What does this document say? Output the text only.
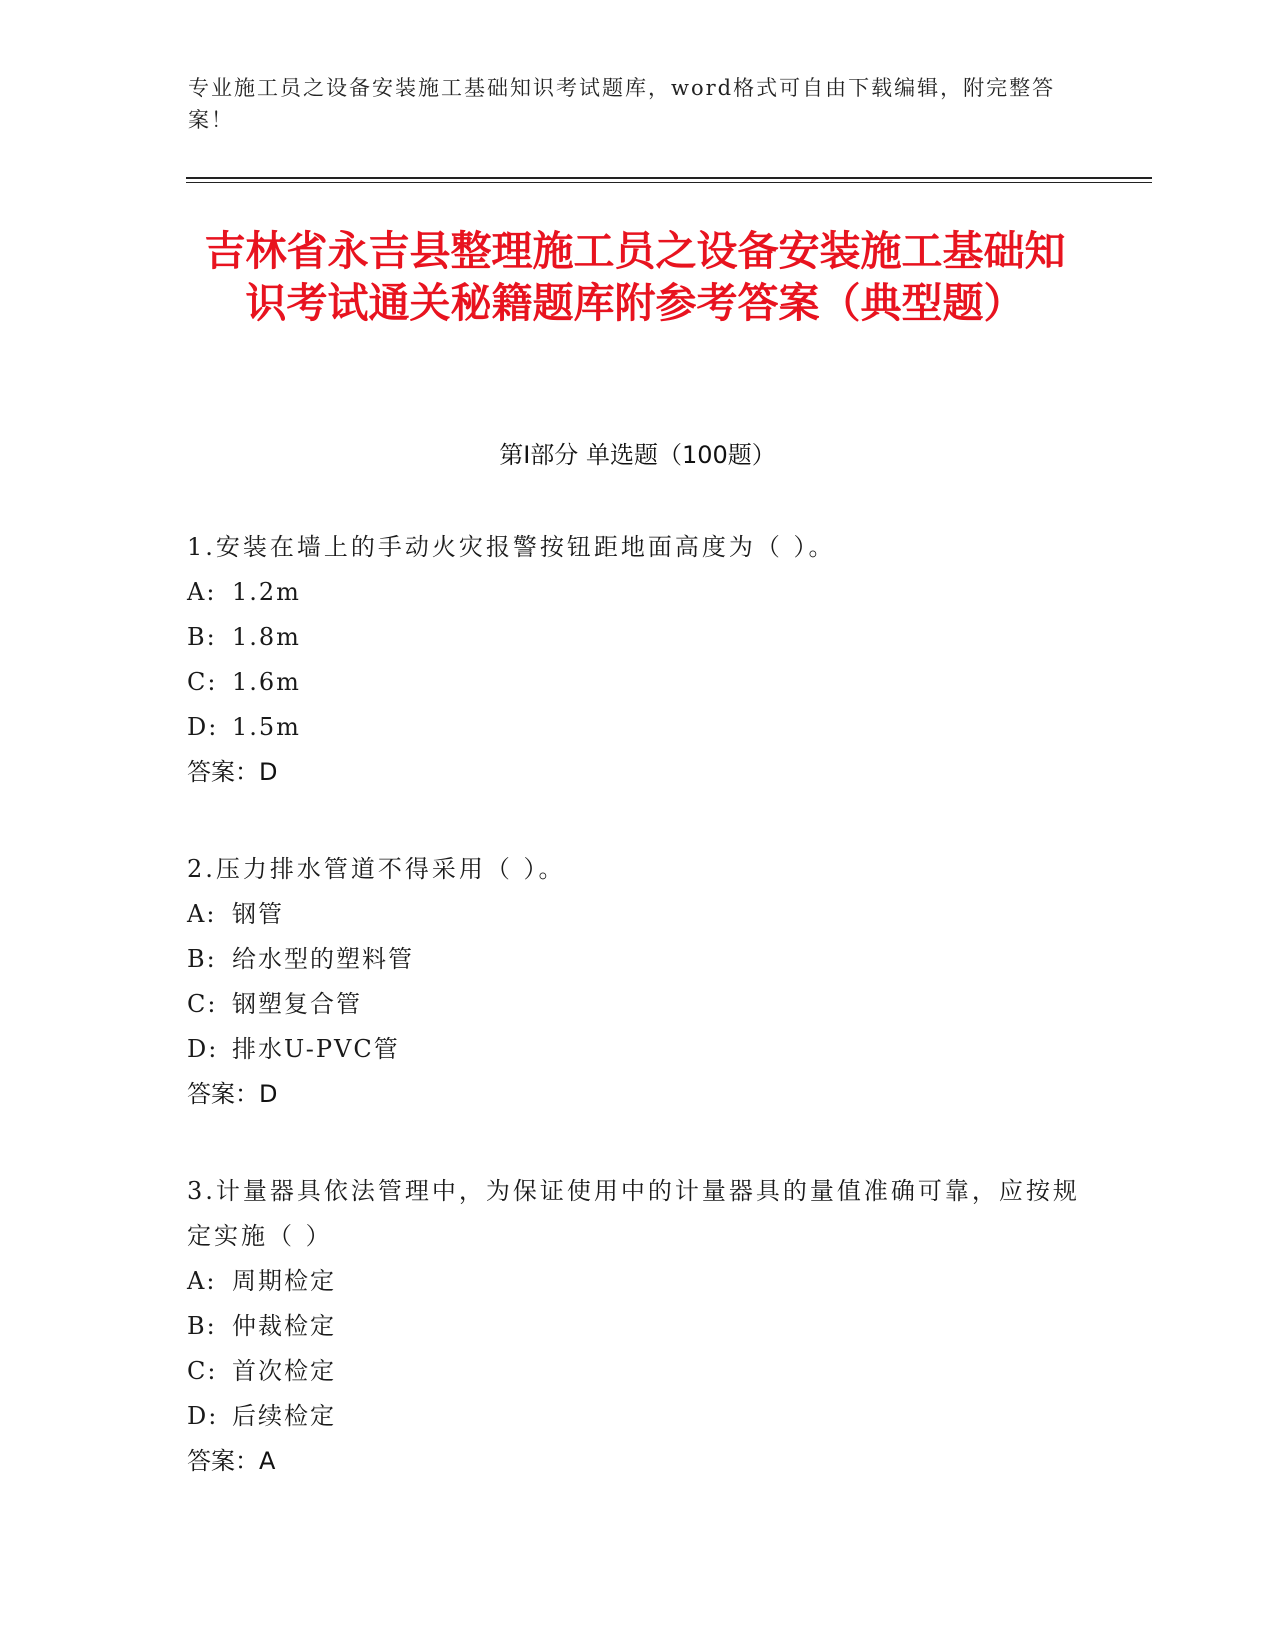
专业施工员之设备安装施工基础知识考试题库，word格式可自由下载编辑，附完整答案！
吉林省永吉县整理施工员之设备安装施工基础知识考试通关秘籍题库附参考答案（典型题）
第Ⅰ部分 单选题（100题）
1.安装在墙上的手动火灾报警按钮距地面高度为（ ）。
A: 1.2m
B: 1.8m
C: 1.6m
D: 1.5m
答案：D
2.压力排水管道不得采用（ ）。
A: 钢管
B: 给水型的塑料管
C: 钢塑复合管
D: 排水U-PVC管
答案：D
3.计量器具依法管理中，为保证使用中的计量器具的量值准确可靠，应按规定实施（ ）
A: 周期检定
B: 仲裁检定
C: 首次检定
D: 后续检定
答案：A
